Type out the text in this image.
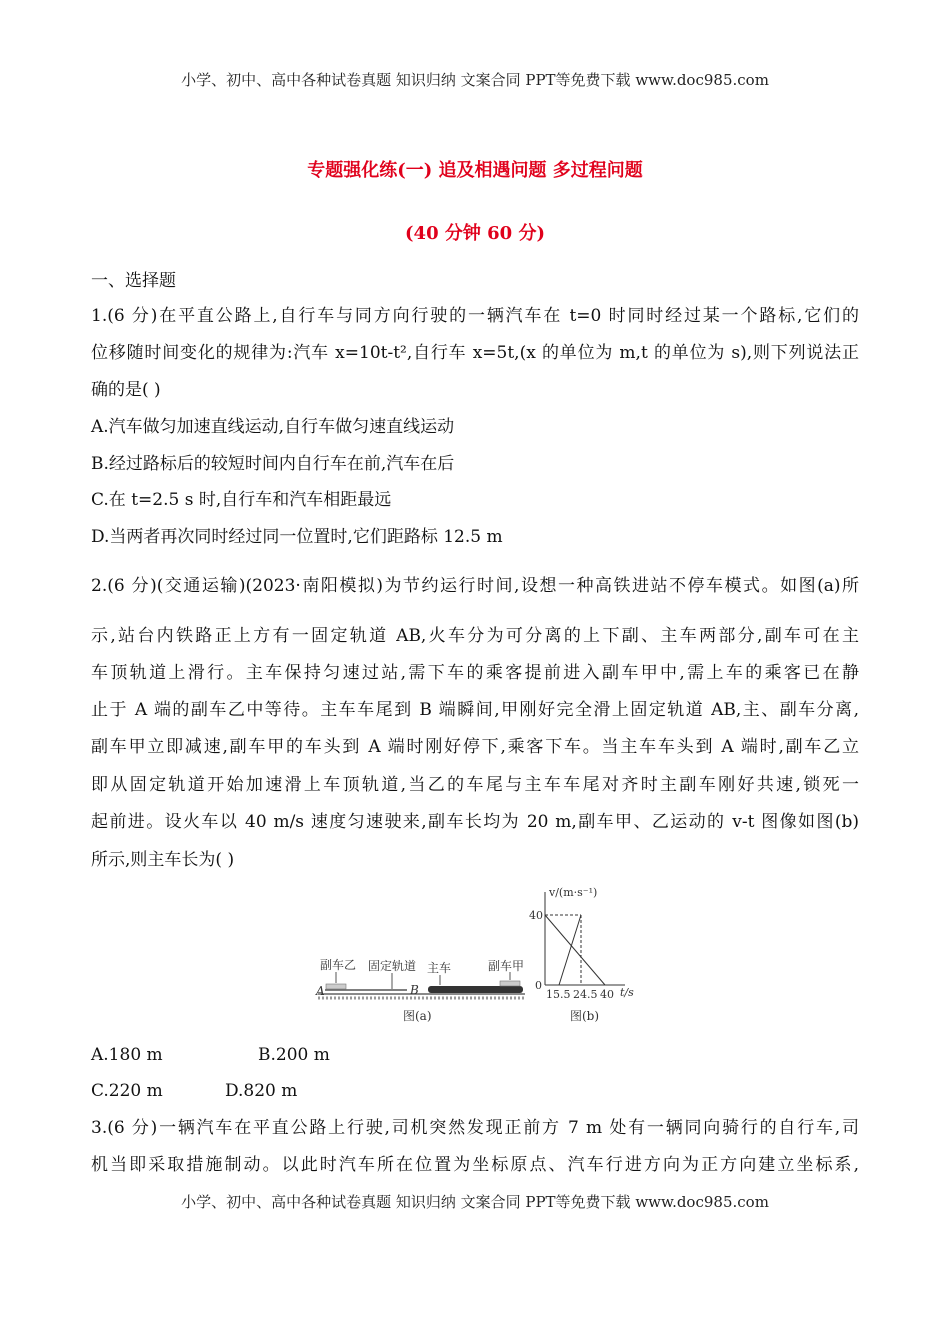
小学、初中、高中各种试卷真题 知识归纳 文案合同 PPT等免费下载 www.doc985.com
专题强化练(一) 追及相遇问题 多过程问题
(40 分钟 60 分)
一、选择题
1.(6 分)在平直公路上,自行车与同方向行驶的一辆汽车在 t=0 时同时经过某一个路标,它们的
位移随时间变化的规律为:汽车 x=10t-t²,自行车 x=5t,(x 的单位为 m,t 的单位为 s),则下列说法正
确的是( )
A.汽车做匀加速直线运动,自行车做匀速直线运动
B.经过路标后的较短时间内自行车在前,汽车在后
C.在 t=2.5 s 时,自行车和汽车相距最远
D.当两者再次同时经过同一位置时,它们距路标 12.5 m
2.(6 分)(交通运输)(2023·南阳模拟)为节约运行时间,设想一种高铁进站不停车模式。如图(a)所
示,站台内铁路正上方有一固定轨道 AB,火车分为可分离的上下副、主车两部分,副车可在主
车顶轨道上滑行。主车保持匀速过站,需下车的乘客提前进入副车甲中,需上车的乘客已在静
止于 A 端的副车乙中等待。主车车尾到 B 端瞬间,甲刚好完全滑上固定轨道 AB,主、副车分离,
副车甲立即减速,副车甲的车头到 A 端时刚好停下,乘客下车。当主车车头到 A 端时,副车乙立
即从固定轨道开始加速滑上车顶轨道,当乙的车尾与主车车尾对齐时主副车刚好共速,锁死一
起前进。设火车以 40 m/s 速度匀速驶来,副车长均为 20 m,副车甲、乙运动的 v-t 图像如图(b)
所示,则主车长为( )
副车乙 固定轨道 主车	副车甲
A	B
图(a)
v/(m·s⁻¹)
40
0
15.5 24.5 40 t/s
图(b)
A.180 m	B.200 m
C.220 m	D.820 m
3.(6 分)一辆汽车在平直公路上行驶,司机突然发现正前方 7 m 处有一辆同向骑行的自行车,司
机当即采取措施制动。以此时汽车所在位置为坐标原点、汽车行进方向为正方向建立坐标系,
小学、初中、高中各种试卷真题 知识归纳 文案合同 PPT等免费下载 www.doc985.com
